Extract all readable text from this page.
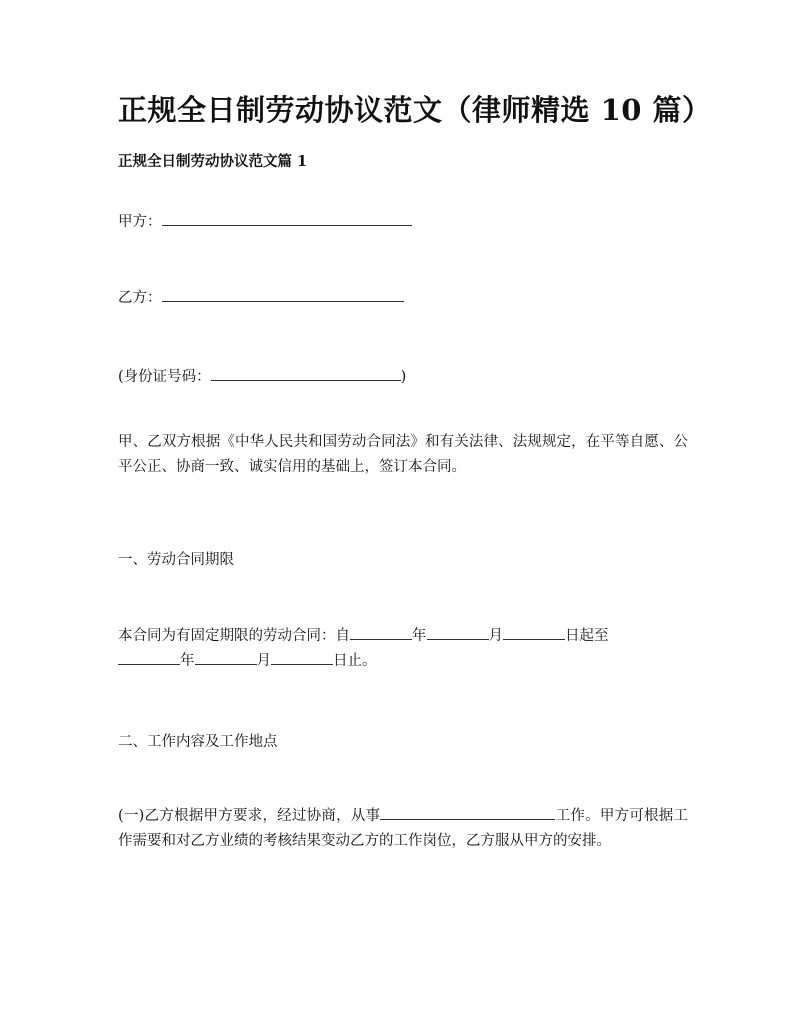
正规全日制劳动协议范文（律师精选 10 篇）
正规全日制劳动协议范文篇 1
甲方：
乙方：
(身份证号码：	)

甲、乙双方根据《中华人民共和国劳动合同法》和有关法律、法规规定，在平等自愿、公平公正、协商一致、诚实信用的基础上，签订本合同。

一、劳动合同期限
本合同为有固定期限的劳动合同：自	年	月	日起至
年	月	日止。
二、工作内容及工作地点
(一)乙方根据甲方要求，经过协商，从事	工作。甲方可根据工作需要和对乙方业绩的考核结果变动乙方的工作岗位，乙方服从甲方的安排。
